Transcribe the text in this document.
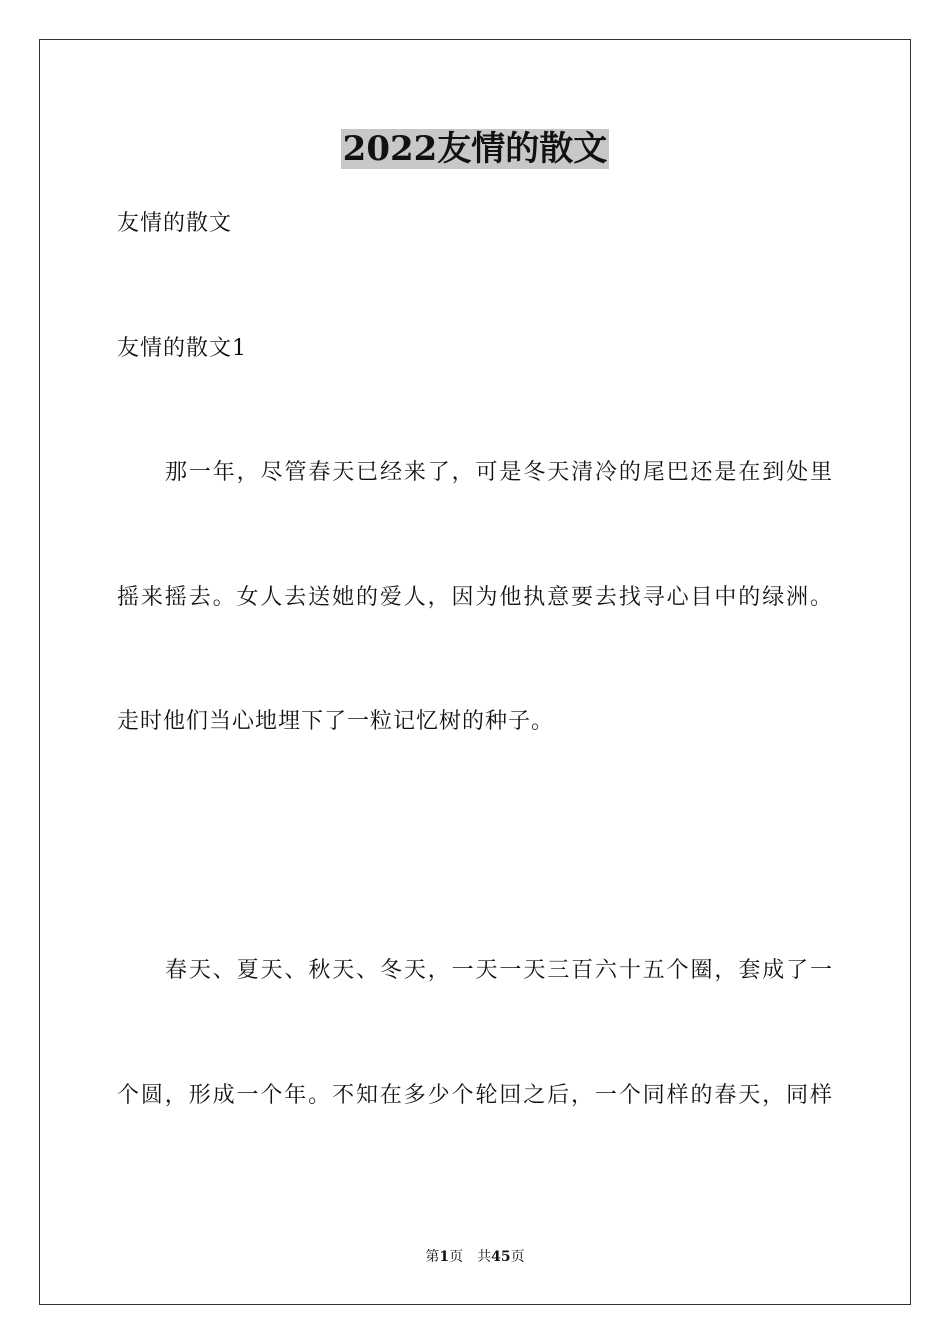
2022友情的散文
友情的散文
友情的散文1
那一年，尽管春天已经来了，可是冬天清冷的尾巴还是在到处里
摇来摇去。女人去送她的爱人，因为他执意要去找寻心目中的绿洲。
走时他们当心地埋下了一粒记忆树的种子。
春天、夏天、秋天、冬天，一天一天三百六十五个圈，套成了一
个圆，形成一个年。不知在多少个轮回之后，一个同样的春天，同样
第1页　共45页
